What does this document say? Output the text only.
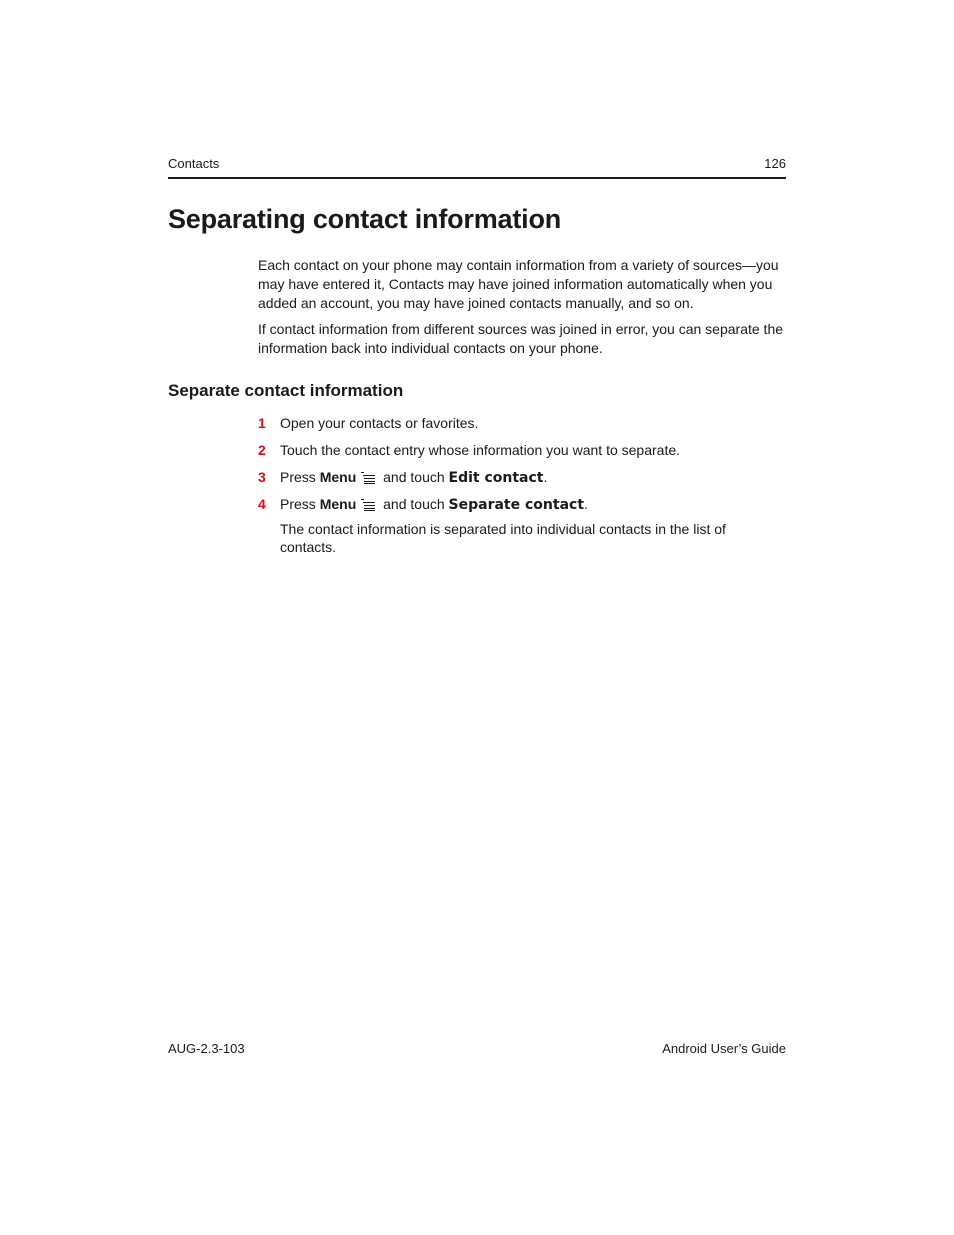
Contacts	126
Separating contact information

Each contact on your phone may contain information from a variety of sources—you may have entered it, Contacts may have joined information automatically when you added an account, you may have joined contacts manually, and so on.

If contact information from different sources was joined in error, you can separate the information back into individual contacts on your phone.

Separate contact information
1 Open your contacts or favorites.
2 Touch the contact entry whose information you want to separate.
3 Press Menu and touch Edit contact.
4 Press Menu and touch Separate contact.

The contact information is separated into individual contacts in the list of contacts.

AUG-2.3-103	Android User’s Guide
